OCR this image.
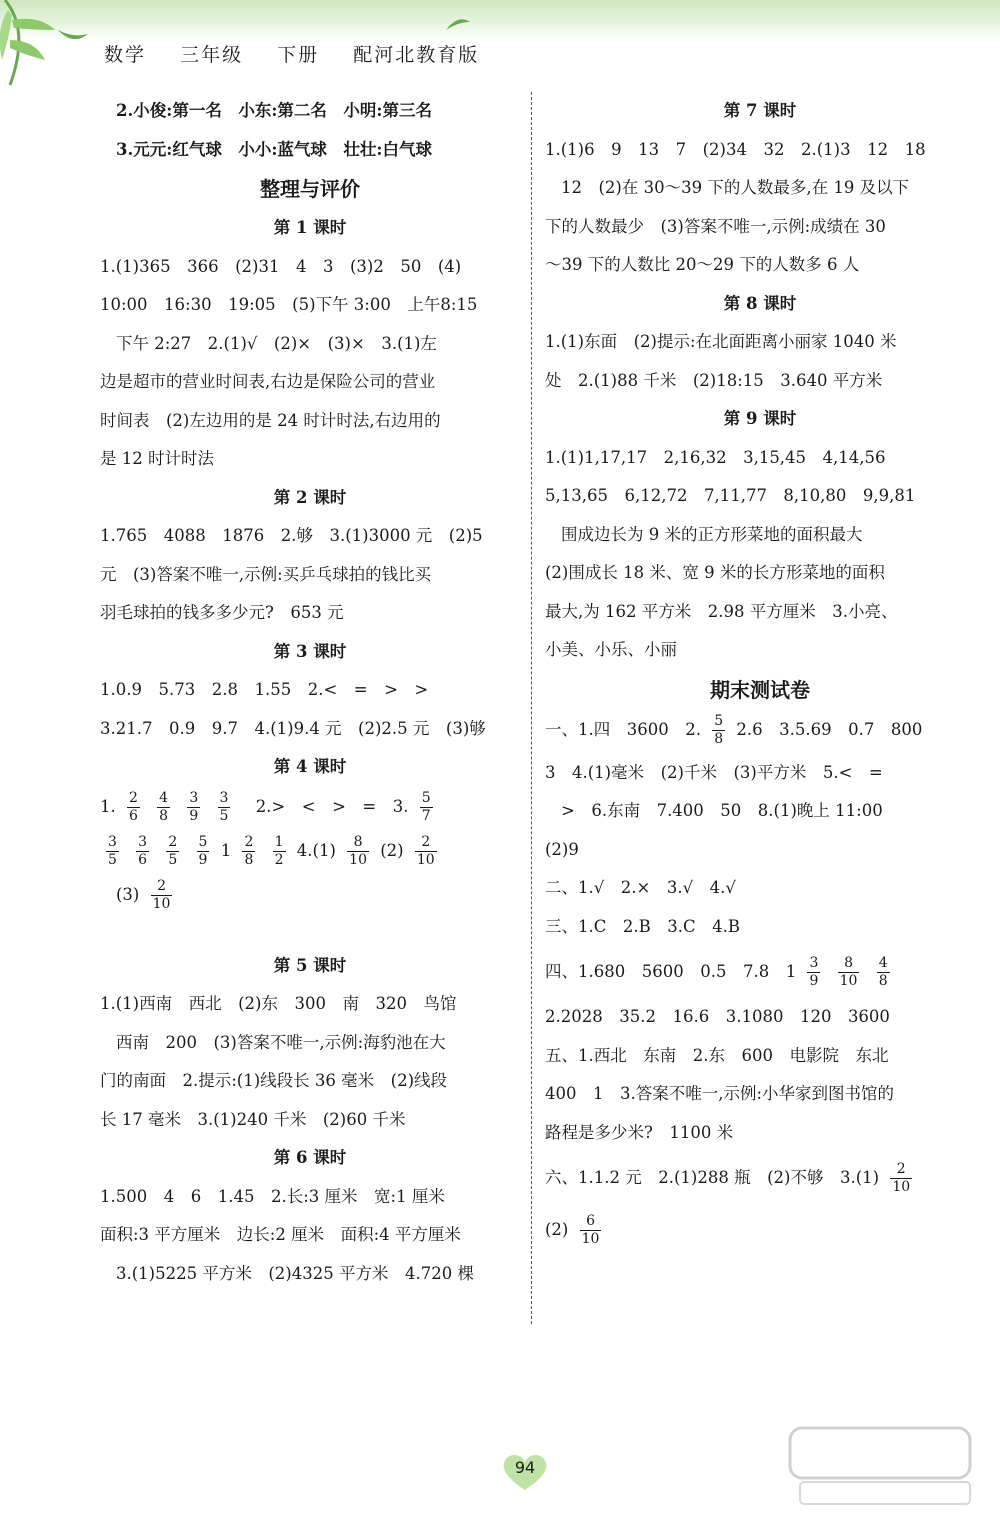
数学 三年级 下册 配河北教育版
2.小俊:第一名　小东:第二名　小明:第三名
3.元元:红气球　小小:蓝气球　壮壮:白气球
整理与评价
第 1 课时
1.(1)365　366　(2)31　4　3　(3)2　50　(4)
10:00　16:30　19:05　(5)下午 3:00　上午8:15
下午 2:27　2.(1)√　(2)×　(3)×　3.(1)左
边是超市的营业时间表,右边是保险公司的营业
时间表　(2)左边用的是 24 时计时法,右边用的
是 12 时计时法
第 2 课时
1.765　4088　1876　2.够　3.(1)3000 元　(2)5
元　(3)答案不唯一,示例:买乒乓球拍的钱比买
羽毛球拍的钱多多少元?　653 元
第 3 课时
1.0.9　5.73　2.8　1.55　2.<　=　>　>
3.21.7　0.9　9.7　4.(1)9.4 元　(2)2.5 元　(3)够
第 4 课时
1. $\frac{2}{6}$
$\frac{4}{8}$
$\frac{3}{9}$
$\frac{3}{5} 2.>$　<　>　=　3. $\frac{5}{7}$
$\frac{3}{5}$
$\frac{3}{6}$
$\frac{2}{5}$
$\frac{5}{9} 1 \frac{2}{8}$
$\frac{1}{2} 4.(1) \frac{8}{10} (2) \frac{2}{10}$
$(3) \frac{2}{10}$
第 5 课时
1.(1)西南　西北　(2)东　300　南　320　鸟馆
西南　200　(3)答案不唯一,示例:海豹池在大
门的南面　2.提示:(1)线段长 36 毫米　(2)线段
长 17 毫米　3.(1)240 千米　(2)60 千米
第 6 课时
1.500　4　6　1.45　2.长:3 厘米　宽:1 厘米
面积:3 平方厘米　边长:2 厘米　面积:4 平方厘米
3.(1)5225 平方米　(2)4325 平方米　4.720 棵
第 7 课时
1.(1)6　9　13　7　(2)34　32　2.(1)3　12　18
12　(2)在 30～39 下的人数最多,在 19 及以下
下的人数最少　(3)答案不唯一,示例:成绩在 30
～39 下的人数比 20～29 下的人数多 6 人
第 8 课时
1.(1)东面　(2)提示:在北面距离小丽家 1040 米
处　2.(1)88 千米　(2)18:15　3.640 平方米
第 9 课时
1.(1)1,17,17　2,16,32　3,15,45　4,14,56
5,13,65　6,12,72　7,11,77　8,10,80　9,9,81
围成边长为 9 米的正方形菜地的面积最大
(2)围成长 18 米、宽 9 米的长方形菜地的面积
最大,为 162 平方米　2.98 平方厘米　3.小亮、
小美、小乐、小丽
期末测试卷
一、1.四　3600　2. $\frac{5}{8} 2.6$　3.5.69　0.7　800
3　4.(1)毫米　(2)千米　(3)平方米　5.<　=
>　6.东南　7.400　50　8.(1)晚上 11:00
(2)9
二、1.√　2.×　3.√　4.√
三、1.C　2.B　3.C　4.B
四、1.680　5600　0.5　7.8　$1 \frac{3}{9}$
$\frac{8}{10}$
$\frac{4}{8}$
2.2028　35.2　16.6　3.1080　120　3600
五、1.西北　东南　2.东　600　电影院　东北
400　1　3.答案不唯一,示例:小华家到图书馆的
路程是多少米?　1100 米
六、1.1.2 元　2.(1)288 瓶　(2)不够　$3.(1) \frac{2}{10}$
$(2) \frac{6}{10}$
94
